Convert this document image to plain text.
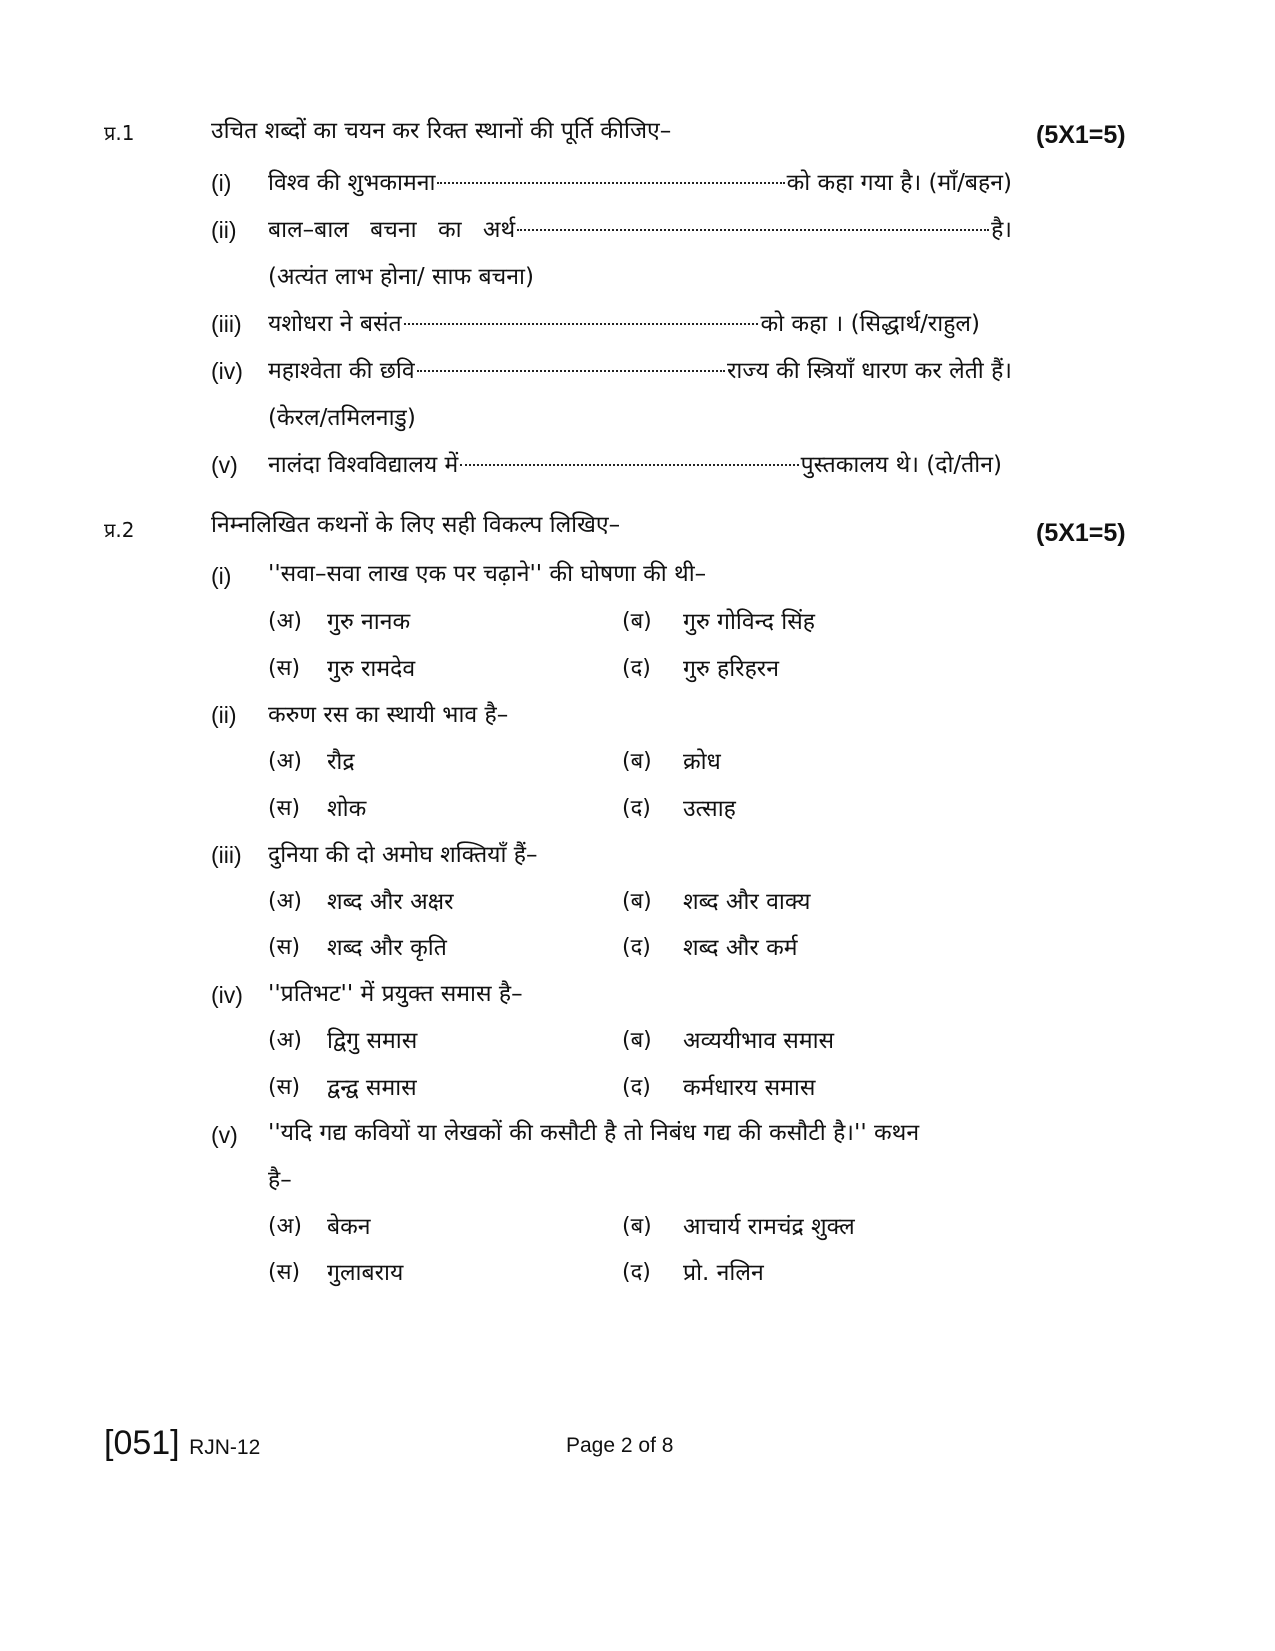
प्र.1	उचित शब्दों का चयन कर रिक्त स्थानों की पूर्ति कीजिए–	(5X1=5)
(i) विश्व की शुभकामना	को कहा गया है। (माँ/बहन)
(ii) बाल–बाल बचना का अर्थ	है।
(अत्यंत लाभ होना/ साफ बचना)
(iii) यशोधरा ने बसंत	को कहा । (सिद्धार्थ/राहुल)
(iv) महाश्वेता की छवि	राज्य की स्त्रियाँ धारण कर लेती हैं।
(केरल/तमिलनाडु)
(v) नालंदा विश्वविद्यालय में	पुस्तकालय थे। (दो/तीन)
प्र.2	निम्नलिखित कथनों के लिए सही विकल्प लिखिए–	(5X1=5)
(i) ''सवा–सवा लाख एक पर चढ़ाने'' की घोषणा की थी–
(अ) गुरु नानक	(ब) गुरु गोविन्द सिंह
(स) गुरु रामदेव	(द) गुरु हरिहरन
(ii) करुण रस का स्थायी भाव है–
(अ) रौद्र	(ब) क्रोध
(स) शोक	(द) उत्साह
(iii) दुनिया की दो अमोघ शक्तियाँ हैं–
(अ) शब्द और अक्षर	(ब) शब्द और वाक्य
(स) शब्द और कृति	(द) शब्द और कर्म
(iv) ''प्रतिभट'' में प्रयुक्त समास है–
(अ) द्विगु समास	(ब) अव्ययीभाव समास
(स) द्वन्द्व समास	(द) कर्मधारय समास
(v) ''यदि गद्य कवियों या लेखकों की कसौटी है तो निबंध गद्य की कसौटी है।'' कथन
है–
(अ) बेकन	(ब) आचार्य रामचंद्र शुक्ल
(स) गुलाबराय	(द) प्रो. नलिन
[051] RJN-12	Page 2 of 8
